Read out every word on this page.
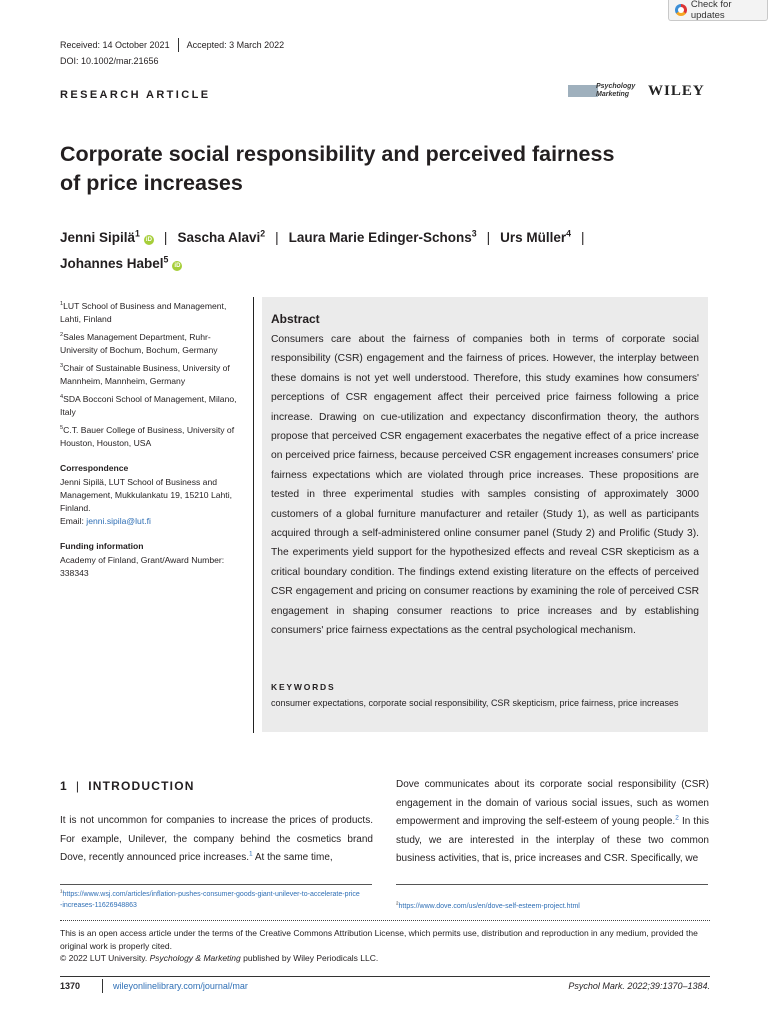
Check for updates
Received: 14 October 2021 Accepted: 3 March 2022
DOI: 10.1002/mar.21656
RESEARCH ARTICLE
Psychology Marketing	WILEY
Corporate social responsibility and perceived fairness
of price increases
Jenni Sipilä$^1$iD | Sascha Alavi$^2$ | Laura Marie Edinger-Schons$^3$ | Urs Müller$^4$ |
Johannes Habel$^5$iD

$^1$LUT School of Business and Management, Lahti, Finland

$^2$Sales Management Department, Ruhr-University of Bochum, Bochum, Germany

$^3$Chair of Sustainable Business, University of Mannheim, Mannheim, Germany

$^4$SDA Bocconi School of Management, Milano, Italy

$^5$C.T. Bauer College of Business, University of Houston, Houston, USA

Correspondence

Jenni Sipilä, LUT School of Business and Management, Mukkulankatu 19, 15210 Lahti, Finland.
Email: jenni.sipila@lut.fi

Funding information

Academy of Finland, Grant/Award Number: 338343

Abstract
Consumers care about the fairness of companies both in terms of corporate social responsibility (CSR) engagement and the fairness of prices. However, the interplay between these domains is not yet well understood. Therefore, this study examines how consumers' perceptions of CSR engagement affect their perceived price fairness following a price increase. Drawing on cue-utilization and expectancy disconfirmation theory, the authors propose that perceived CSR engagement exacerbates the negative effect of a price increase on perceived price fairness, because perceived CSR engagement increases consumers' price fairness expectations which are violated through price increases. These propositions are tested in three experimental studies with samples consisting of approximately 3000 customers of a global furniture manufacturer and retailer (Study 1), as well as participants acquired through a self-administered online consumer panel (Study 2) and Prolific (Study 3). The experiments yield support for the hypothesized effects and reveal CSR skepticism as a critical boundary condition. The findings extend existing literature on the effects of perceived CSR engagement and pricing on consumer reactions by examining the role of perceived CSR engagement in shaping consumer reactions to price increases and by establishing consumers' price fairness expectations as the central psychological mechanism.
KEYWORDS
consumer expectations, corporate social responsibility, CSR skepticism, price fairness, price increases
1 | INTRODUCTION
It is not uncommon for companies to increase the prices of products. For example, Unilever, the company behind the cosmetics brand Dove, recently announced price increases.$^1$ At the same time,
Dove communicates about its corporate social responsibility (CSR) engagement in the domain of various social issues, such as women empowerment and improving the self-esteem of young people.$^2$ In this study, we are interested in the interplay of these two common business activities, that is, price increases and CSR. Specifically, we
$^1$https://www.wsj.com/articles/inflation-pushes-consumer-goods-giant-unilever-to-accelerate-price-increases-11626948863	$^2$https://www.dove.com/us/en/dove-self-esteem-project.html
This is an open access article under the terms of the Creative Commons Attribution License, which permits use, distribution and reproduction in any medium, provided the original work is properly cited.
© 2022 LUT University. Psychology & Marketing published by Wiley Periodicals LLC.
1370	wileyonlinelibrary.com/journal/mar	Psychol Mark. 2022;39:1370–1384.
